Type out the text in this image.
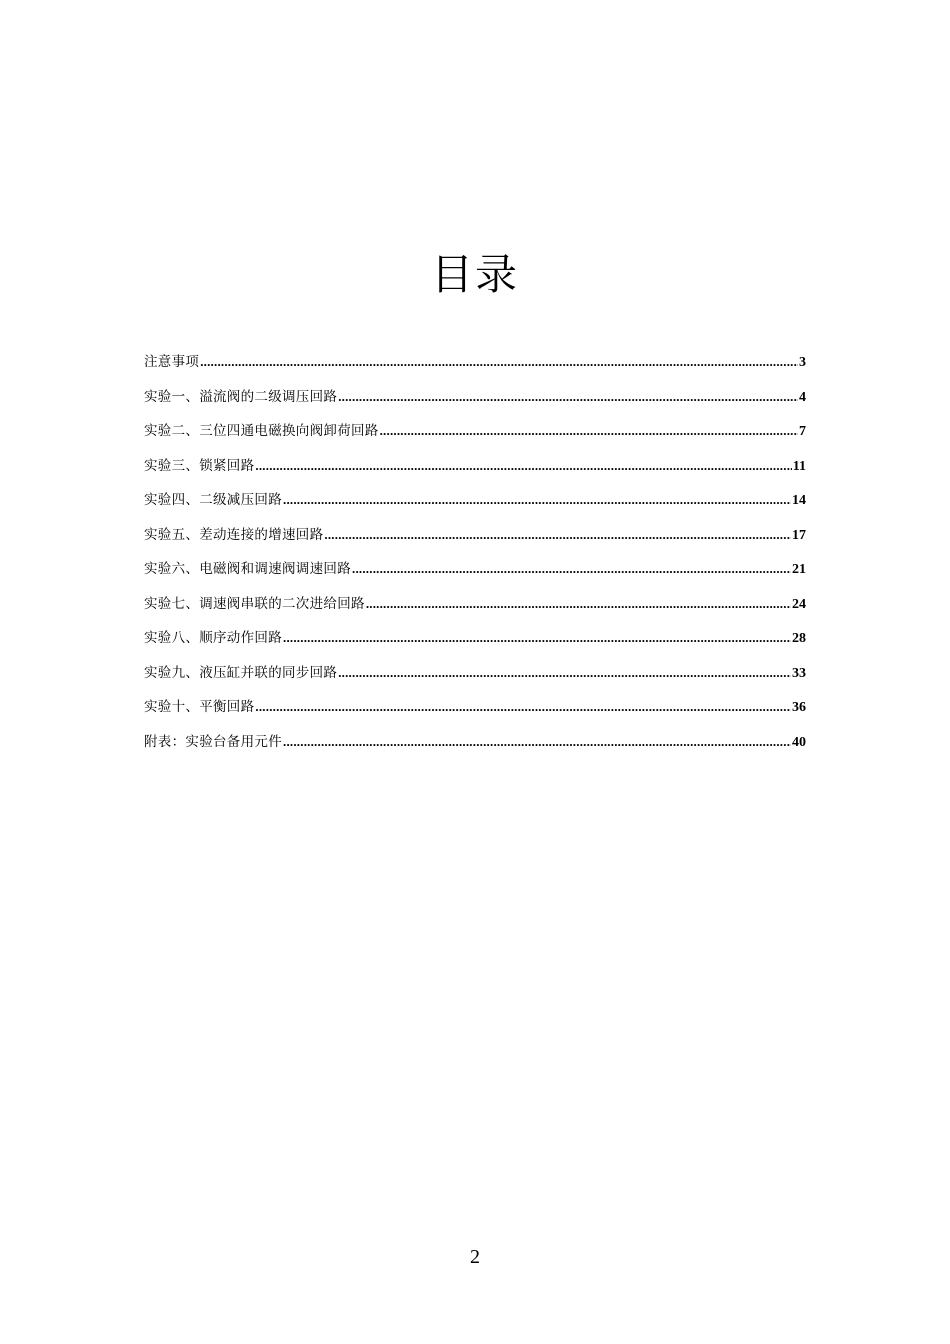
目录
注意事项 .....	3
实验一、溢流阀的二级调压回路 .....	4
实验二、三位四通电磁换向阀卸荷回路 .....	7
实验三、锁紧回路 .....	11
实验四、二级减压回路 .....	14
实验五、差动连接的增速回路 .....	17
实验六、电磁阀和调速阀调速回路 .....	21
实验七、调速阀串联的二次进给回路 .....	24
实验八、顺序动作回路 .....	28
实验九、液压缸并联的同步回路 .....	33
实验十、平衡回路 .....	36
附表：实验台备用元件 .....	40
2
